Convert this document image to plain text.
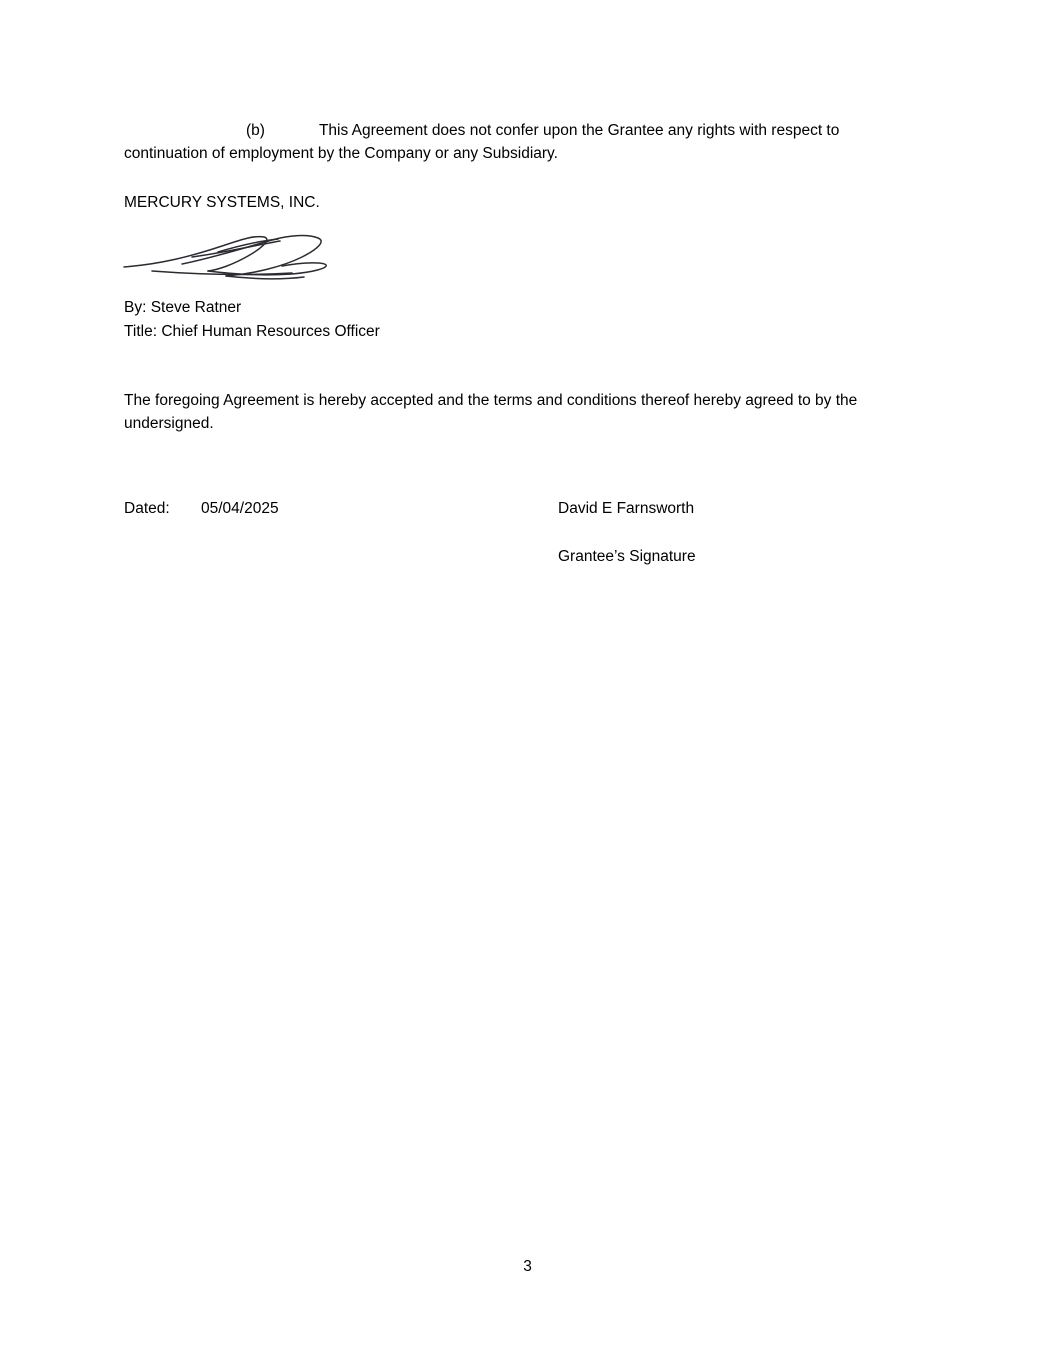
(b)	This Agreement does not confer upon the Grantee any rights with respect to continuation of employment by the Company or any Subsidiary.

MERCURY SYSTEMS, INC.

By: Steve Ratner

Title: Chief Human Resources Officer

The foregoing Agreement is hereby accepted and the terms and conditions thereof hereby agreed to by the undersigned.

Dated: 05/04/2025	David E Farnsworth
Grantee’s Signature
3
